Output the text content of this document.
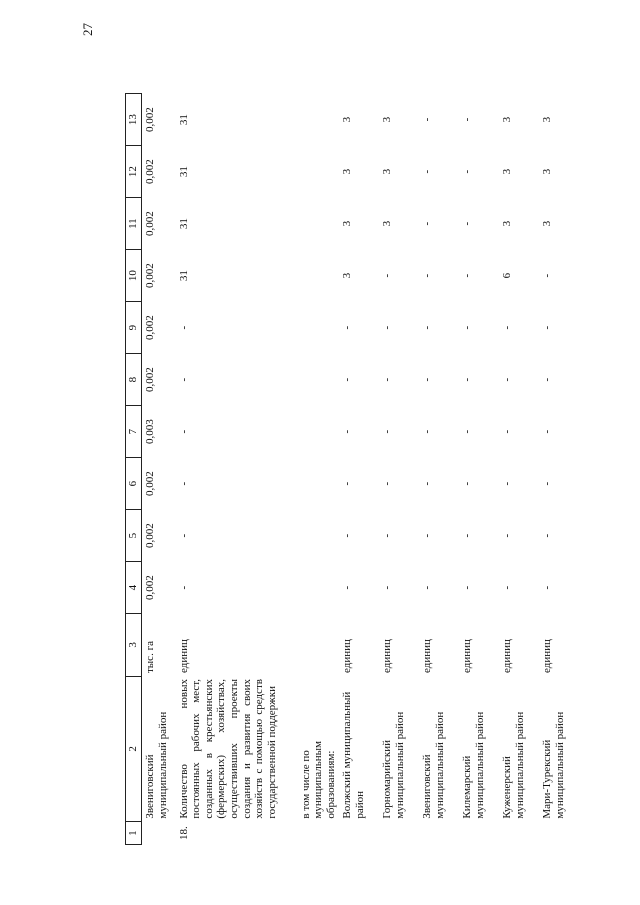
27
1	2	3	4	5	6	7	8	9	10	11	12	13
	Звениговский муниципальный район	тыс. га	0,002	0,002	0,002	0,003	0,002	0,002	0,002	0,002	0,002	0,002
18.	Количество новых постоянных рабочих мест, созданных в крестьянских (фермерских) хозяйствах, осуществивших проекты создания и развития своих хозяйств с помощью средств государственной поддержки	единиц	-	-	-	-	-	-	31	31	31	31
	в том числе по муниципальным образованиям:											
	Волжский муниципальный район	единиц	-	-	-	-	-	-	3	3	3	3
	Горномарийский муниципальный район	единиц	-	-	-	-	-	-	-	3	3	3
	Звениговский муниципальный район	единиц	-	-	-	-	-	-	-	-	-	-
	Килемарский муниципальный район	единиц	-	-	-	-	-	-	-	-	-	-
	Куженерский муниципальный район	единиц	-	-	-	-	-	-	6	3	3	3
	Мари-Турекский муниципальный район	единиц	-	-	-	-	-	-	-	3	3	3
